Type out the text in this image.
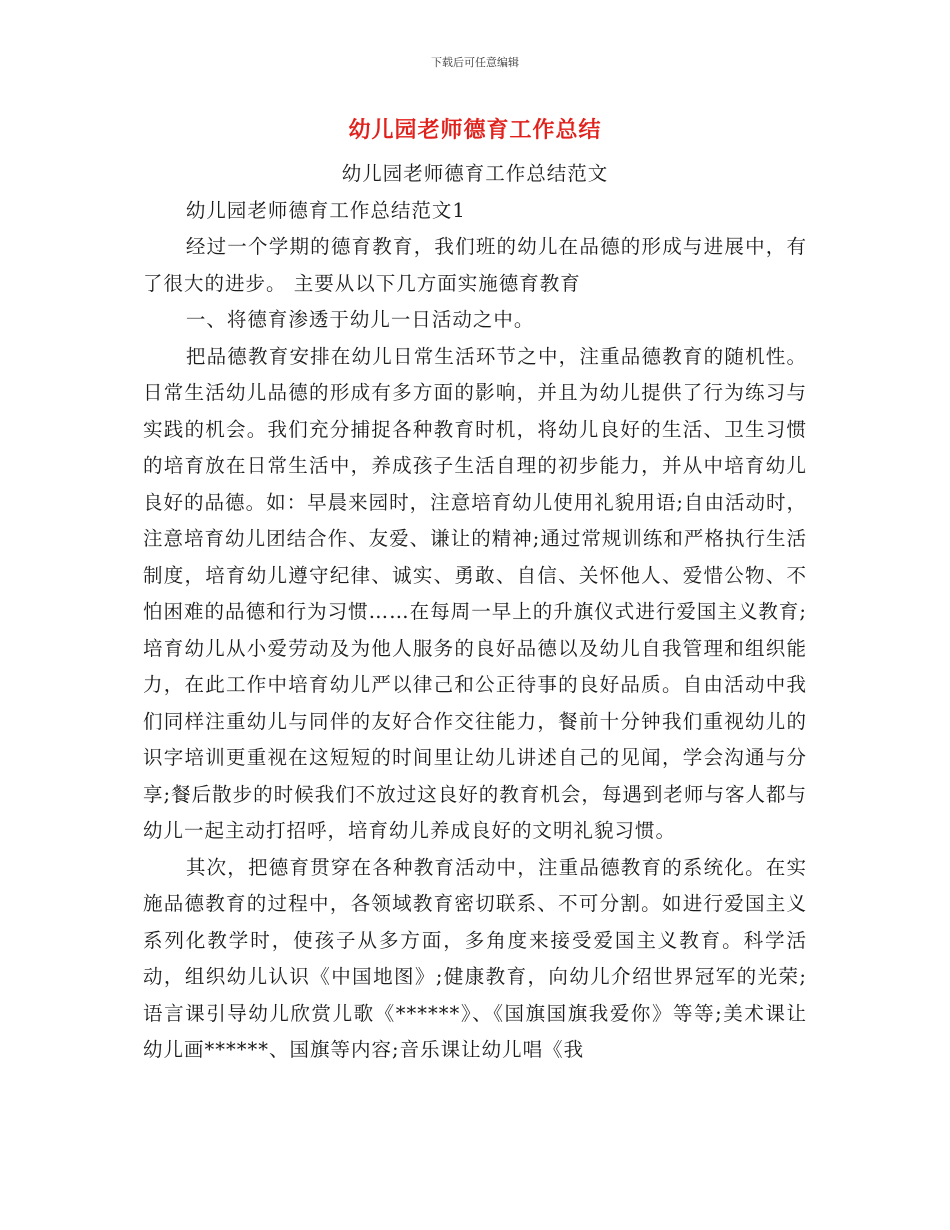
下载后可任意编辑
幼儿园老师德育工作总结

幼儿园老师德育工作总结范文

幼儿园老师德育工作总结范文1

经过一个学期的德育教育，我们班的幼儿在品德的形成与进展中，有了很大的进步。 主要从以下几方面实施德育教育

一、将德育渗透于幼儿一日活动之中。

把品德教育安排在幼儿日常生活环节之中，注重品德教育的随机性。日常生活幼儿品德的形成有多方面的影响，并且为幼儿提供了行为练习与实践的机会。我们充分捕捉各种教育时机，将幼儿良好的生活、卫生习惯的培育放在日常生活中，养成孩子生活自理的初步能力，并从中培育幼儿良好的品德。如：早晨来园时，注意培育幼儿使用礼貌用语;自由活动时，注意培育幼儿团结合作、友爱、谦让的精神;通过常规训练和严格执行生活制度，培育幼儿遵守纪律、诚实、勇敢、自信、关怀他人、爱惜公物、不怕困难的品德和行为习惯……在每周一早上的升旗仪式进行爱国主义教育;培育幼儿从小爱劳动及为他人服务的良好品德以及幼儿自我管理和组织能力，在此工作中培育幼儿严以律己和公正待事的良好品质。自由活动中我们同样注重幼儿与同伴的友好合作交往能力，餐前十分钟我们重视幼儿的识字培训更重视在这短短的时间里让幼儿讲述自己的见闻，学会沟通与分享;餐后散步的时候我们不放过这良好的教育机会，每遇到老师与客人都与幼儿一起主动打招呼，培育幼儿养成良好的文明礼貌习惯。

其次，把德育贯穿在各种教育活动中，注重品德教育的系统化。在实施品德教育的过程中，各领域教育密切联系、不可分割。如进行爱国主义系列化教学时，使孩子从多方面，多角度来接受爱国主义教育。科学活动，组织幼儿认识《中国地图》;健康教育，向幼儿介绍世界冠军的光荣;语言课引导幼儿欣赏儿歌《******》、《国旗国旗我爱你》等等;美术课让幼儿画******、国旗等内容;音乐课让幼儿唱《我
